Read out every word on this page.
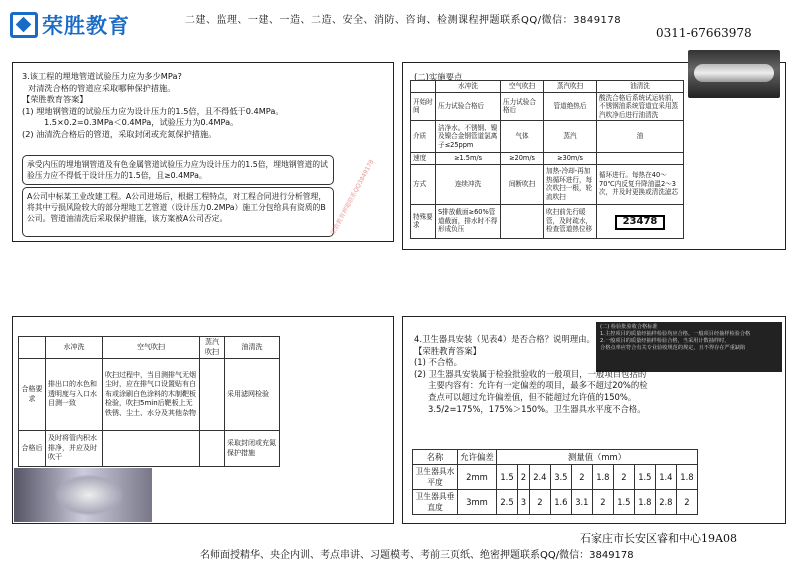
荣胜教育	二建、监理、一建、一造、二造、安全、消防、咨询、检测课程押题联系QQ/微信：3849178
0311-67663978
3.该工程的埋地管道试验压力应为多少MPa?
对清洗合格的管道应采取哪种保护措施。
【荣胜教育答案】
(1) 埋地钢管道的试验压力应为设计压力的1.5倍，且不得低于0.4MPa。
1.5×0.2=0.3MPa＜0.4MPa，试验压力为0.4MPa。
(2) 油清洗合格后的管道，采取封闭或充氮保护措施。
承受内压的埋地钢管道及有色金属管道试验压力应为设计压力的1.5倍，埋地钢管道的试验压力应不得低于设计压力的1.5倍，且≥0.4MPa。
A公司中标某工业改建工程。A公司进场后，根据工程特点，对工程合同进行分析管理，将其中亏损风险较大的部分埋地工艺管道（设计压力0.2MPa）施工分包给具有资质的B公司。管道油清洗后采取保护措施，该方案被A公司否定。	荣胜教育押题联系QQ3849178
(二)实施要点
	水冲洗	空气吹扫	蒸汽吹扫	油清洗
开始时间	压力试验合格后	压力试验合格后	管道绝热后	酸洗合格后系统试运转前，不锈钢油系统管道宜采用蒸汽吹净后进行油清洗
介质	洁净水。不锈钢、镍及镍合金钢管道氯离子≤25ppm	气体	蒸汽	油
速度	≥1.5m/s	≥20m/s	≥30m/s	
方式	连续冲洗	间断吹扫	加热-冷却-再加热循环进行，每次吹扫一根，轮流吹扫	循环进行。每热在40～70℃内反复升降油温2～3次，并及时更换或清洗滤芯
特殊要求	S排放截面≥60%管道截面，排水时不得形成负压		吹扫前先行暖管，及时疏水，检查管道热位移	23478
	水冲洗	空气吹扫	蒸汽吹扫	油清洗
合格要求	排出口的水色和透明度与入口水目测一致	吹扫过程中，当目测排气无烟尘时，应在排气口设置贴有白布或涂刷白色涂料的木制靶板检验，吹扫5min后靶板上无铁锈、尘土、水分及其他杂物		采用滤网检验
合格后	及时将管内积水排净，并应及时吹干			采取封闭或充氮保护措施
(二) 检验批验收合格标准
1.主控项目的质量经抽样检验均应合格。一般项目经抽样检验合格
2.一般项目的质量经抽样检验合格，当采用计数抽样时，
合格点率应符合有关专业验收规范的规定，且不得存在严重缺陷
4.卫生器具安装（见表4）是否合格？说明理由。
【荣胜教育答案】
(1) 不合格。
(2) 卫生器具安装属于检验批验收的一般项目，一般项目包括的
主要内容有：允许有一定偏差的项目，最多不超过20%的检
查点可以超过允许偏差值，但不能超过允许值的150%。
3.5/2=175%，175%＞150%。卫生器具水平度不合格。
名称	允许偏差	测量值（mm）									
卫生器具水平度	2mm	1.5	2	2.4	3.5	2	1.8	2	1.5	1.4	1.8
卫生器具垂直度	3mm	2.5	3	2	1.6	3.1	2	1.5	1.8	2.8	2
石家庄市长安区睿和中心19A08
名师面授精华、央企内训、考点串讲、习题模考、考前三页纸、绝密押题联系QQ/微信：3849178
